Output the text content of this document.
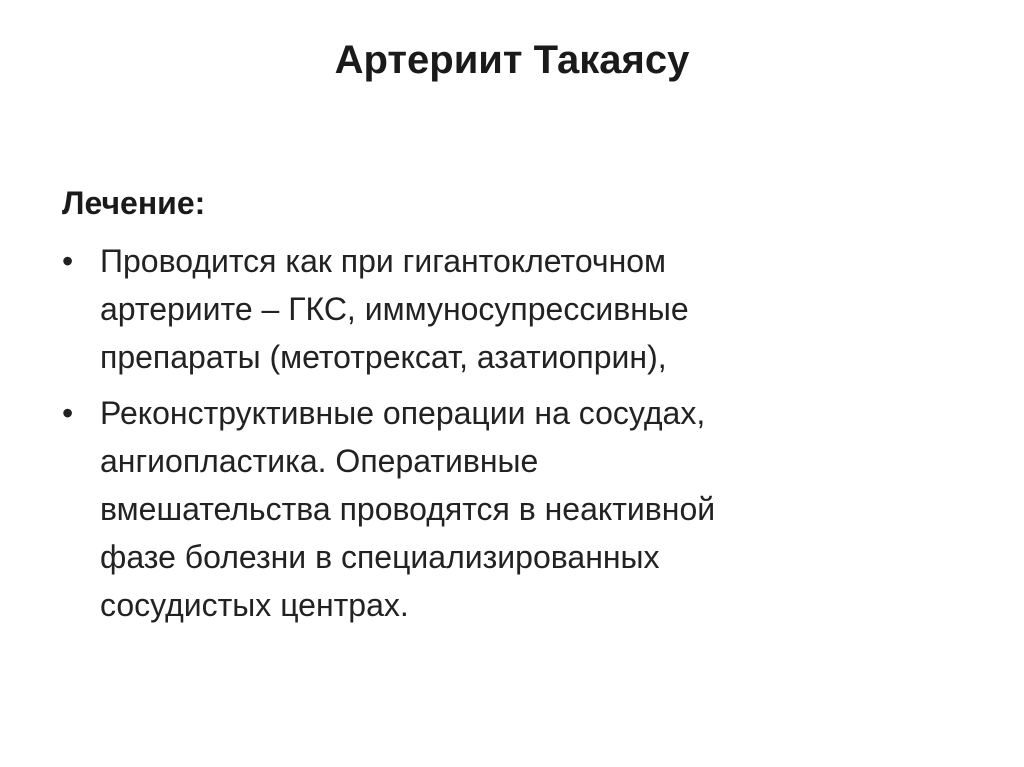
Артериит Такаясу
Лечение:
• Проводится как при гигантоклеточном
артериите – ГКС, иммуносупрессивные
препараты (метотрексат, азатиоприн),
• Реконструктивные операции на сосудах,
ангиопластика. Оперативные
вмешательства проводятся в неактивной
фазе болезни в специализированных
сосудистых центрах.
